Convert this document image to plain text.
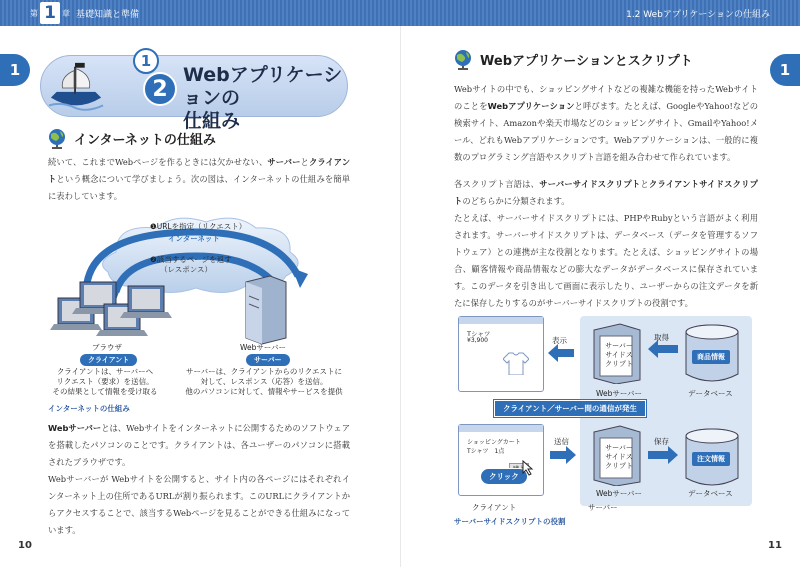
第 1 章 基礎知識と準備	1.2 Webアプリケーションの仕組み
1	1
1
2
Webアプリケーションの
仕組み
インターネットの仕組み
続いて、これまでWebページを作るときには欠かせない、サーバーとクライアントという概念について学びましょう。次の図は、インターネットの仕組みを簡単に表わしています。
❶URLを指定（リクエスト）
インターネット
❷該当するページを返す
（レスポンス）
ブラウザ
クライアント
クライアントは、サーバーへ
リクエスト（要求）を送信。
その結果として情報を受け取る
Webサーバー
サーバー
サーバーは、クライアントからのリクエストに
対して、レスポンス（応答）を送信。
他のパソコンに対して、情報やサービスを提供
インターネットの仕組み
Webサーバーとは、Webサイトをインターネットに公開するためのソフトウェアを搭載したパソコンのことです。クライアントは、各ユーザーのパソコンに搭載されたブラウザです。
Webサーバーが Webサイトを公開すると、サイト内の各ページにはそれぞれインターネット上の住所であるURLが割り振られます。このURLにクライアントからアクセスすることで、該当するWebページを見ることができる仕組みになっています。
10
Webアプリケーションとスクリプト
Webサイトの中でも、ショッピングサイトなどの複雑な機能を持ったWebサイトのことをWebアプリケーションと呼びます。たとえば、GoogleやYahoo!などの検索サイト、Amazonや楽天市場などのショッピングサイト、GmailやYahoo!メール、どれもWebアプリケーションです。Webアプリケーションは、一般的に複数のプログラミング言語やスクリプト言語を組み合わせて作られています。
各スクリプト言語は、サーバーサイドスクリプトとクライアントサイドスクリプトのどちらかに分類されます。
たとえば、サーバーサイドスクリプトには、PHPやRubyという言語がよく利用されます。サーバーサイドスクリプトは、データベース（データを管理するソフトウェア）との連携が主な役割となります。たとえば、ショッピングサイトの場合、顧客情報や商品情報などの膨大なデータがデータベースに保存されています。このデータを引き出して画面に表示したり、ユーザーからの注文データを新たに保存したりするのがサーバーサイドスクリプトの役割です。
Tシャツ
¥3,900
ショッピングカート
Tシャツ　1点
クリック
表示
送信
サーバーサイドスクリプト
Webサーバー
取得
商品情報
データベース
クライアント／サーバー間の通信が発生
サーバーサイドスクリプト
Webサーバー
保存
注文情報
データベース
クライアント	サーバー
サーバーサイドスクリプトの役割
11
